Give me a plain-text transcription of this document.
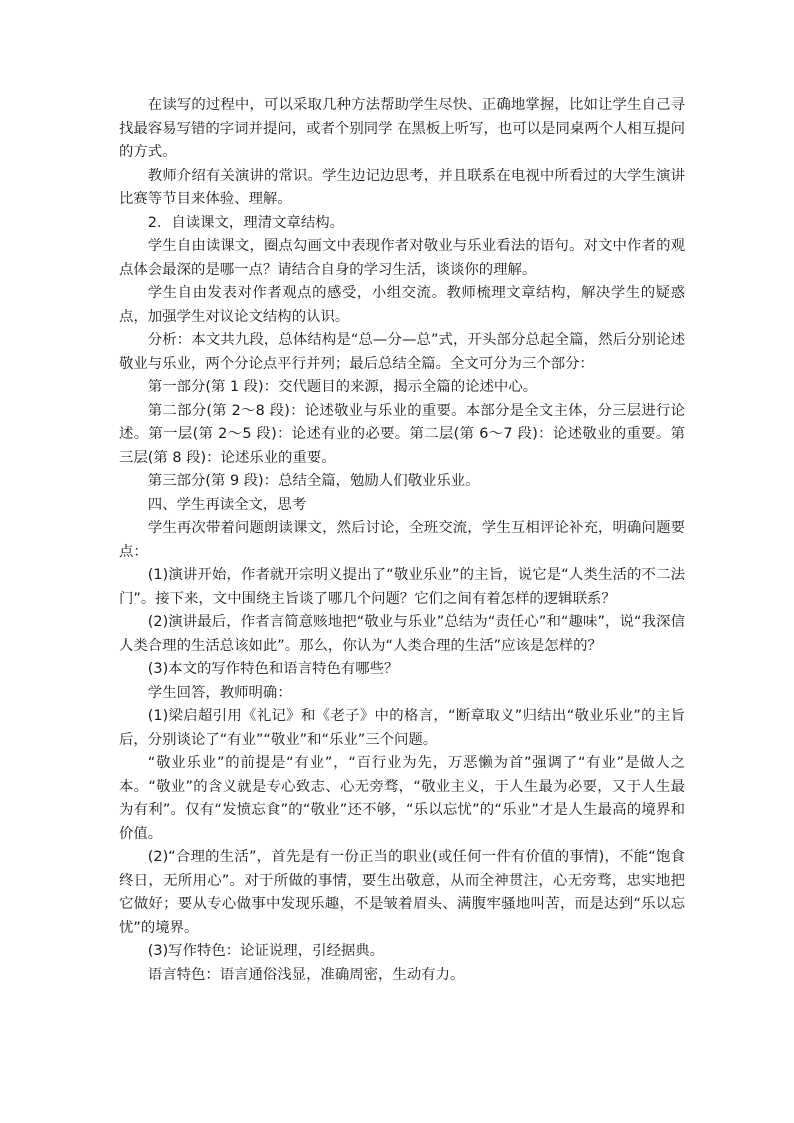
在读写的过程中，可以采取几种方法帮助学生尽快、正确地掌握，比如让学生自己寻找最容易写错的字词并提问，或者个别同学 在黑板上听写，也可以是同桌两个人相互提问的方式。

教师介绍有关演讲的常识。学生边记边思考，并且联系在电视中所看过的大学生演讲比赛等节目来体验、理解。

2．自读课文，理清文章结构。

学生自由读课文，圈点勾画文中表现作者对敬业与乐业看法的语句。对文中作者的观点体会最深的是哪一点？请结合自身的学习生活，谈谈你的理解。

学生自由发表对作者观点的感受，小组交流。教师梳理文章结构，解决学生的疑惑点，加强学生对议论文结构的认识。

分析：本文共九段，总体结构是“总—分—总”式，开头部分总起全篇，然后分别论述敬业与乐业，两个分论点平行并列；最后总结全篇。全文可分为三个部分：

第一部分(第 1 段)：交代题目的来源，揭示全篇的论述中心。

第二部分(第 2～8 段)：论述敬业与乐业的重要。本部分是全文主体，分三层进行论述。第一层(第 2～5 段)：论述有业的必要。第二层(第 6～7 段)：论述敬业的重要。第三层(第 8 段)：论述乐业的重要。

第三部分(第 9 段)：总结全篇，勉励人们敬业乐业。

四、学生再读全文，思考

学生再次带着问题朗读课文，然后讨论，全班交流，学生互相评论补充，明确问题要点：

(1)演讲开始，作者就开宗明义提出了“敬业乐业”的主旨，说它是“人类生活的不二法门”。接下来，文中围绕主旨谈了哪几个问题？它们之间有着怎样的逻辑联系？

(2)演讲最后，作者言简意赅地把“敬业与乐业”总结为“责任心”和“趣味”，说“我深信人类合理的生活总该如此”。那么，你认为“人类合理的生活”应该是怎样的？

(3)本文的写作特色和语言特色有哪些？

学生回答，教师明确：

(1)梁启超引用《礼记》和《老子》中的格言，“断章取义”归结出“敬业乐业”的主旨后，分别谈论了“有业”“敬业”和“乐业”三个问题。

“敬业乐业”的前提是“有业”，“百行业为先，万恶懒为首”强调了“有业”是做人之本。“敬业”的含义就是专心致志、心无旁骛，“敬业主义，于人生最为必要，又于人生最为有利”。仅有“发愤忘食”的“敬业”还不够，“乐以忘忧”的“乐业”才是人生最高的境界和价值。

(2)“合理的生活”，首先是有一份正当的职业(或任何一件有价值的事情)，不能“饱食终日，无所用心”。对于所做的事情，要生出敬意，从而全神贯注，心无旁骛，忠实地把它做好；要从专心做事中发现乐趣，不是皱着眉头、满腹牢骚地叫苦，而是达到“乐以忘忧”的境界。

(3)写作特色：论证说理，引经据典。

语言特色：语言通俗浅显，准确周密，生动有力。
